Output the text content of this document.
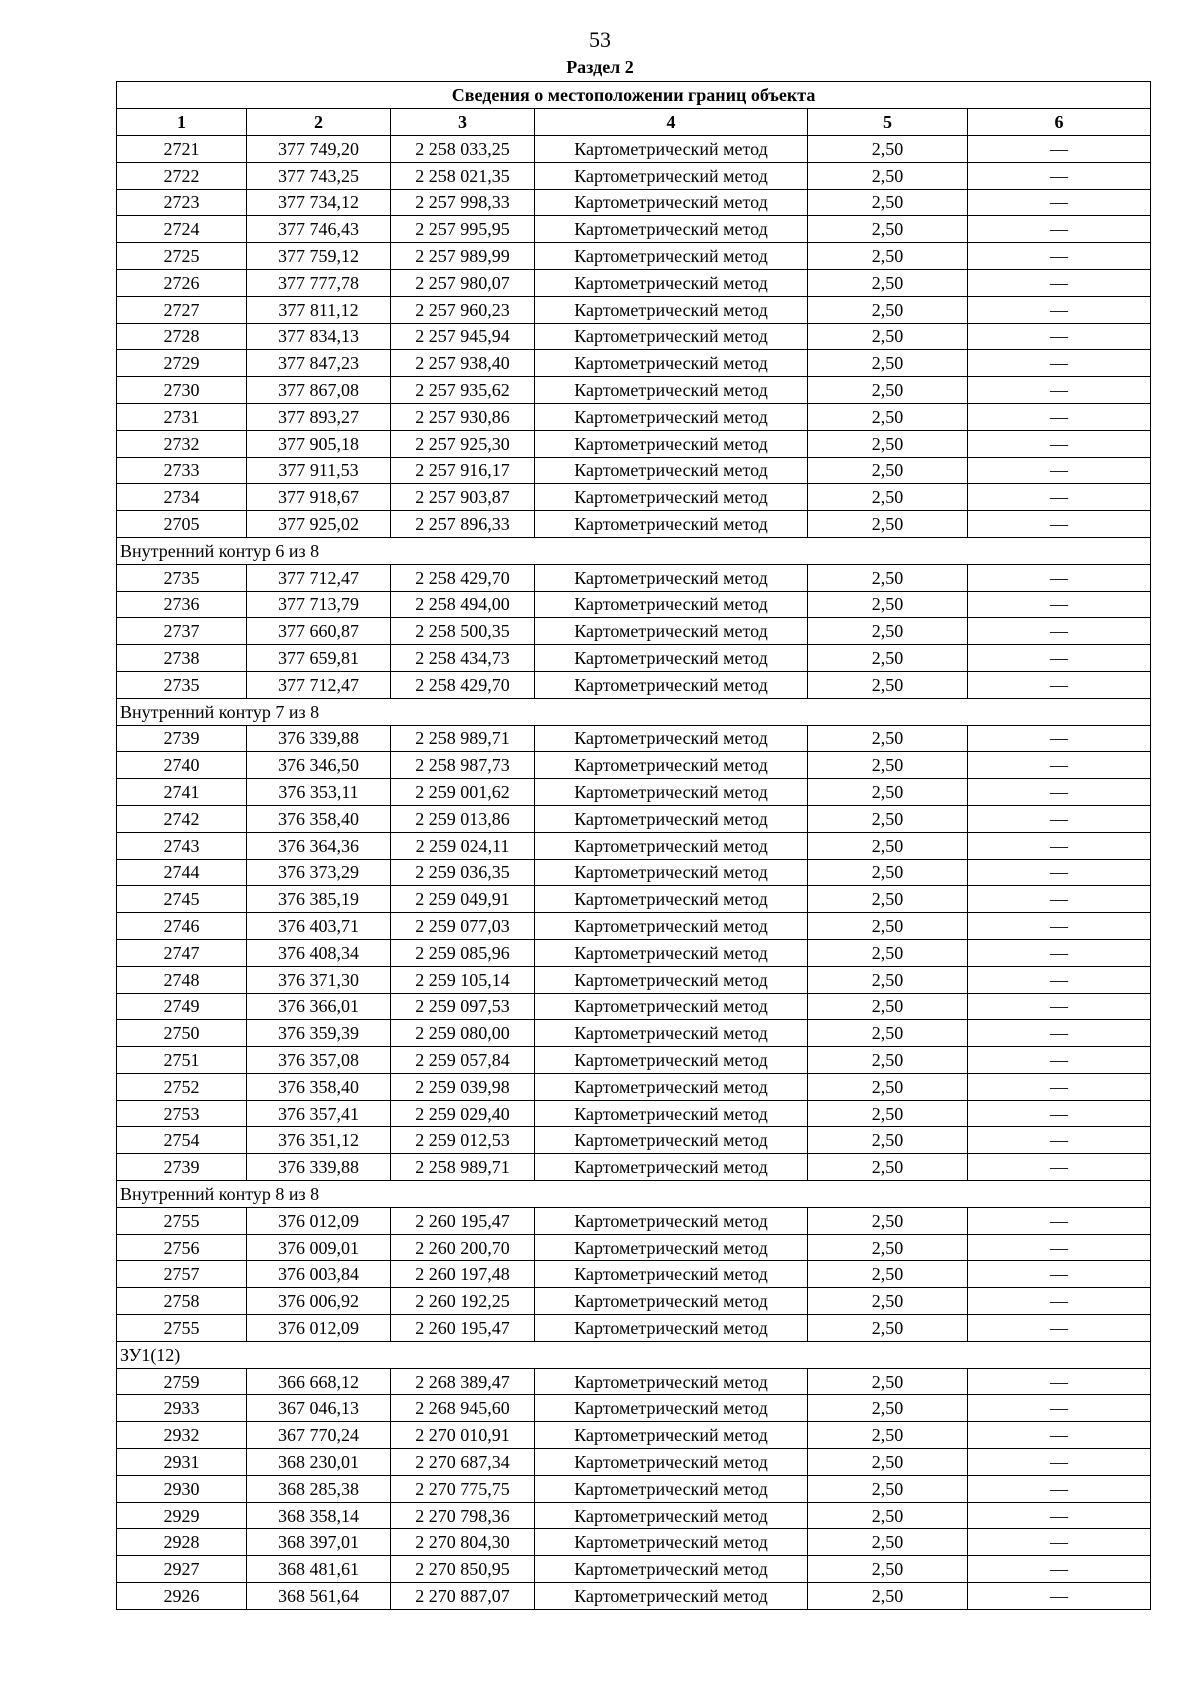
53
Раздел 2
Сведения о местоположении границ объекта					
1	2	3	4	5	6
2721	377 749,20	2 258 033,25	Картометрический метод	2,50	—
2722	377 743,25	2 258 021,35	Картометрический метод	2,50	—
2723	377 734,12	2 257 998,33	Картометрический метод	2,50	—
2724	377 746,43	2 257 995,95	Картометрический метод	2,50	—
2725	377 759,12	2 257 989,99	Картометрический метод	2,50	—
2726	377 777,78	2 257 980,07	Картометрический метод	2,50	—
2727	377 811,12	2 257 960,23	Картометрический метод	2,50	—
2728	377 834,13	2 257 945,94	Картометрический метод	2,50	—
2729	377 847,23	2 257 938,40	Картометрический метод	2,50	—
2730	377 867,08	2 257 935,62	Картометрический метод	2,50	—
2731	377 893,27	2 257 930,86	Картометрический метод	2,50	—
2732	377 905,18	2 257 925,30	Картометрический метод	2,50	—
2733	377 911,53	2 257 916,17	Картометрический метод	2,50	—
2734	377 918,67	2 257 903,87	Картометрический метод	2,50	—
2705	377 925,02	2 257 896,33	Картометрический метод	2,50	—
Внутренний контур 6 из 8					
2735	377 712,47	2 258 429,70	Картометрический метод	2,50	—
2736	377 713,79	2 258 494,00	Картометрический метод	2,50	—
2737	377 660,87	2 258 500,35	Картометрический метод	2,50	—
2738	377 659,81	2 258 434,73	Картометрический метод	2,50	—
2735	377 712,47	2 258 429,70	Картометрический метод	2,50	—
Внутренний контур 7 из 8					
2739	376 339,88	2 258 989,71	Картометрический метод	2,50	—
2740	376 346,50	2 258 987,73	Картометрический метод	2,50	—
2741	376 353,11	2 259 001,62	Картометрический метод	2,50	—
2742	376 358,40	2 259 013,86	Картометрический метод	2,50	—
2743	376 364,36	2 259 024,11	Картометрический метод	2,50	—
2744	376 373,29	2 259 036,35	Картометрический метод	2,50	—
2745	376 385,19	2 259 049,91	Картометрический метод	2,50	—
2746	376 403,71	2 259 077,03	Картометрический метод	2,50	—
2747	376 408,34	2 259 085,96	Картометрический метод	2,50	—
2748	376 371,30	2 259 105,14	Картометрический метод	2,50	—
2749	376 366,01	2 259 097,53	Картометрический метод	2,50	—
2750	376 359,39	2 259 080,00	Картометрический метод	2,50	—
2751	376 357,08	2 259 057,84	Картометрический метод	2,50	—
2752	376 358,40	2 259 039,98	Картометрический метод	2,50	—
2753	376 357,41	2 259 029,40	Картометрический метод	2,50	—
2754	376 351,12	2 259 012,53	Картометрический метод	2,50	—
2739	376 339,88	2 258 989,71	Картометрический метод	2,50	—
Внутренний контур 8 из 8					
2755	376 012,09	2 260 195,47	Картометрический метод	2,50	—
2756	376 009,01	2 260 200,70	Картометрический метод	2,50	—
2757	376 003,84	2 260 197,48	Картометрический метод	2,50	—
2758	376 006,92	2 260 192,25	Картометрический метод	2,50	—
2755	376 012,09	2 260 195,47	Картометрический метод	2,50	—
ЗУ1(12)					
2759	366 668,12	2 268 389,47	Картометрический метод	2,50	—
2933	367 046,13	2 268 945,60	Картометрический метод	2,50	—
2932	367 770,24	2 270 010,91	Картометрический метод	2,50	—
2931	368 230,01	2 270 687,34	Картометрический метод	2,50	—
2930	368 285,38	2 270 775,75	Картометрический метод	2,50	—
2929	368 358,14	2 270 798,36	Картометрический метод	2,50	—
2928	368 397,01	2 270 804,30	Картометрический метод	2,50	—
2927	368 481,61	2 270 850,95	Картометрический метод	2,50	—
2926	368 561,64	2 270 887,07	Картометрический метод	2,50	—
